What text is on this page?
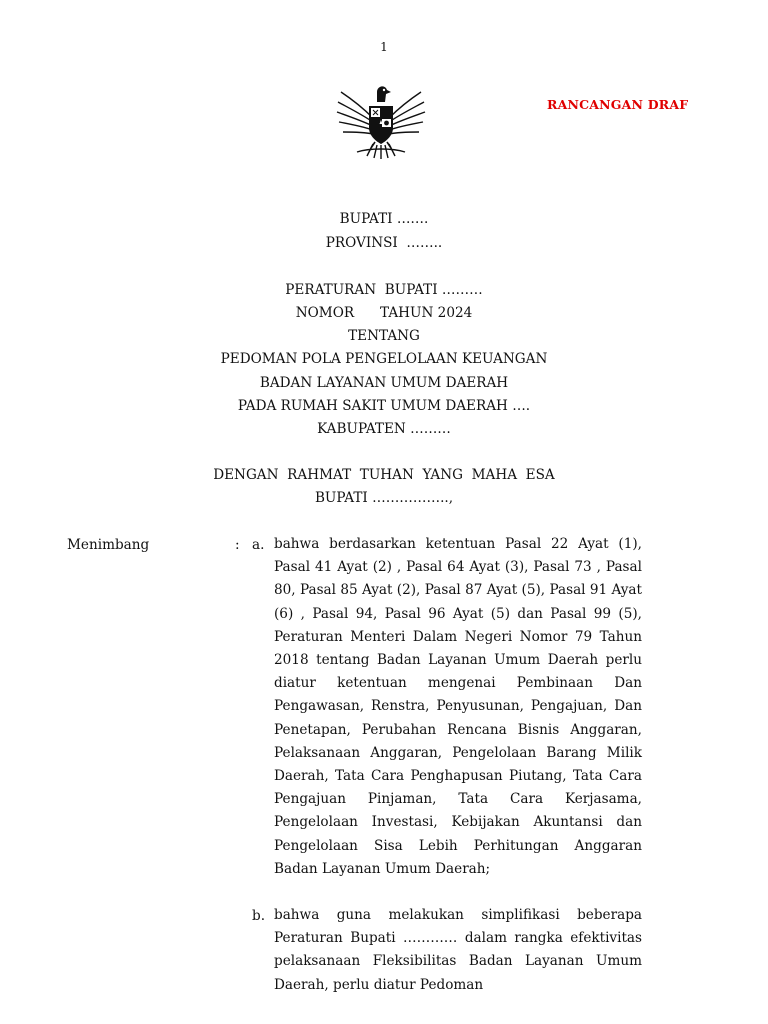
1
RANCANGAN DRAF
BUPATI …….
PROVINSI  ……..
PERATURAN  BUPATI ………
NOMOR      TAHUN 2024
TENTANG
PEDOMAN POLA PENGELOLAAN KEUANGAN
BADAN LAYANAN UMUM DAERAH
PADA RUMAH SAKIT UMUM DAERAH ….
KABUPATEN ………
DENGAN  RAHMAT  TUHAN  YANG  MAHA  ESA
BUPATI ……………..,
Menimbang	: a. bahwa berdasarkan ketentuan Pasal 22 Ayat (1), Pasal 41 Ayat (2) , Pasal 64 Ayat (3), Pasal 73 , Pasal 80, Pasal 85 Ayat (2), Pasal 87 Ayat (5), Pasal 91 Ayat (6) , Pasal 94, Pasal 96 Ayat (5) dan Pasal 99 (5), Peraturan Menteri Dalam Negeri Nomor 79 Tahun 2018 tentang Badan Layanan Umum Daerah perlu diatur ketentuan mengenai Pembinaan Dan Pengawasan, Renstra, Penyusunan, Pengajuan, Dan Penetapan, Perubahan Rencana Bisnis Anggaran, Pelaksanaan Anggaran, Pengelolaan Barang Milik Daerah, Tata Cara Penghapusan Piutang, Tata Cara Pengajuan Pinjaman, Tata Cara Kerjasama, Pengelolaan Investasi, Kebijakan Akuntansi dan Pengelolaan Sisa Lebih Perhitungan Anggaran Badan Layanan Umum Daerah;
b. bahwa guna melakukan simplifikasi beberapa Peraturan Bupati ………… dalam rangka efektivitas pelaksanaan Fleksibilitas Badan Layanan Umum Daerah, perlu diatur Pedoman
